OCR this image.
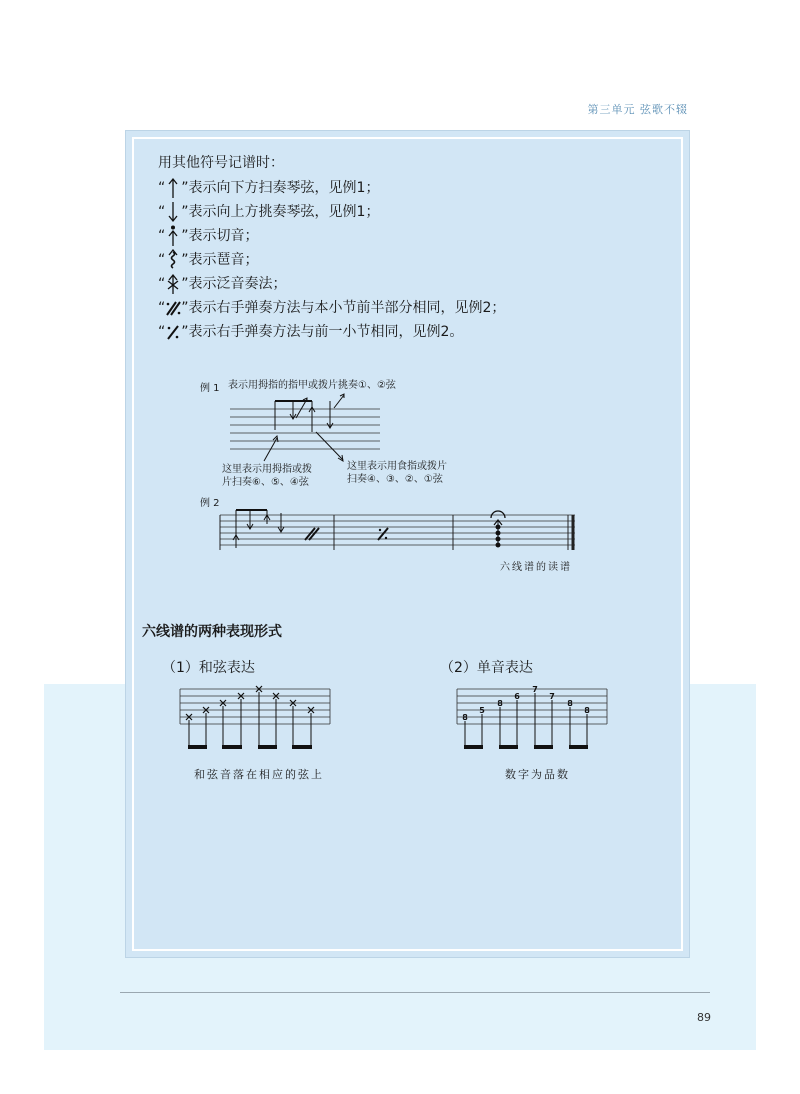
第三单元 弦歌不辍
用其他符号记谱时：
“ ” 表示向下方扫奏琴弦，见例1；
“ ” 表示向上方挑奏琴弦，见例1；
“ ” 表示切音；
“ ” 表示琶音；
“ ” 表示泛音奏法；
“ ” 表示右手弹奏方法与本小节前半部分相同，见例2；
“ ” 表示右手弹奏方法与前一小节相同，见例2。
例 1 表示用拇指的指甲或拨片挑奏①、②弦
这里表示用拇指或拨
片扫奏⑥、⑤、④弦
这里表示用食指或拨片
扫奏④、③、②、①弦
例 2
六线谱的读谱
六线谱的两种表现形式
（1）和弦表达	（2）单音表达
和弦音落在相应的弦上
8
5
8
6
7
7
8
8
数字为品数
89
